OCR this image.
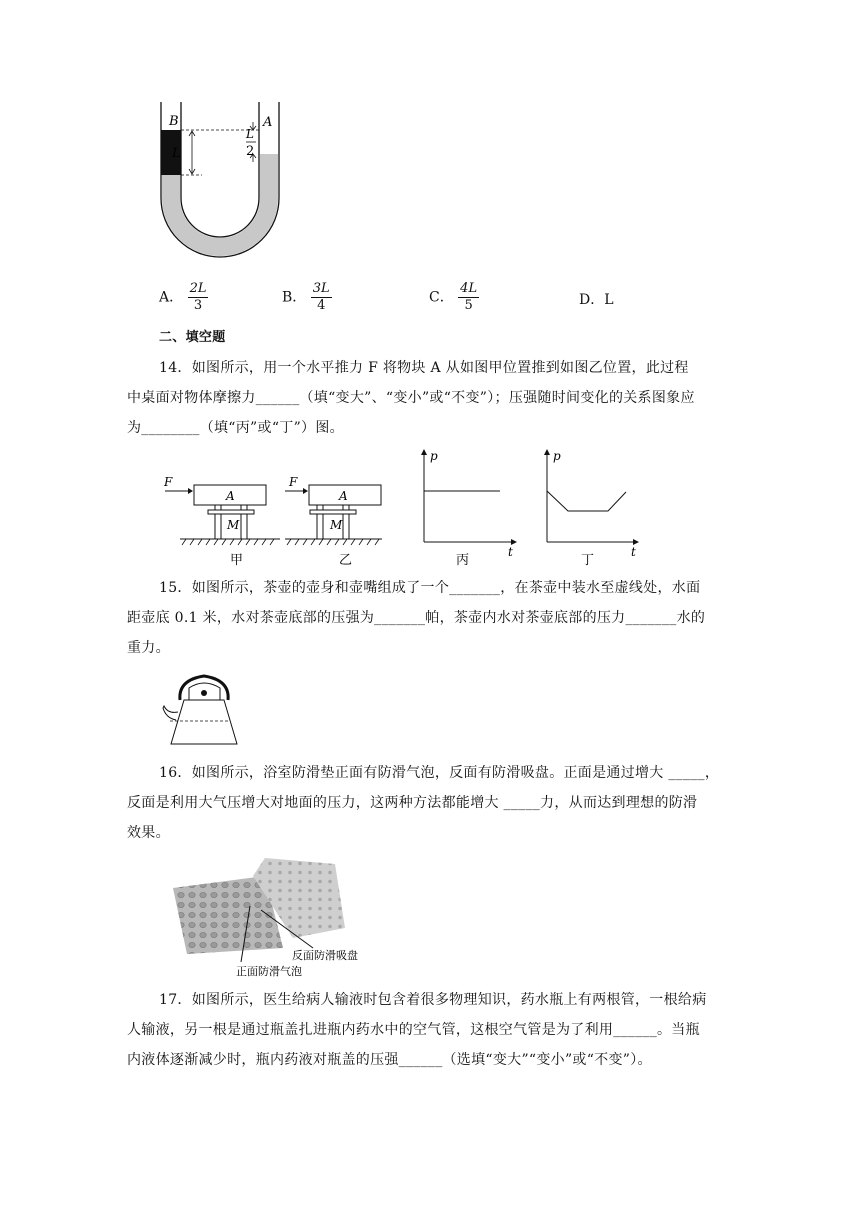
B	A
L
L
2
A． $\frac{2L}{3}$	B． $\frac{3L}{4}$	C． $\frac{4L}{5}$	D．L
二、填空题
14．如图所示，用一个水平推力 F 将物块 A 从如图甲位置推到如图乙位置，此过程
中桌面对物体摩擦力______（填“变大”、“变小”或“不变”）；压强随时间变化的关系图象应
为________（填“丙”或“丁”）图。
F
A
M
甲
F
A
M
乙
p
t
丙
p
t
丁
15．如图所示，茶壶的壶身和壶嘴组成了一个_______，在茶壶中装水至虚线处，水面
距壶底 0.1 米，水对茶壶底部的压强为_______帕，茶壶内水对茶壶底部的压力_______水的
重力。
16．如图所示，浴室防滑垫正面有防滑气泡，反面有防滑吸盘。正面是通过增大 _____，
反面是利用大气压增大对地面的压力，这两种方法都能增大 _____力，从而达到理想的防滑
效果。
反面防滑吸盘
正面防滑气泡
17．如图所示，医生给病人输液时包含着很多物理知识，药水瓶上有两根管，一根给病
人输液，另一根是通过瓶盖扎进瓶内药水中的空气管，这根空气管是为了利用______。当瓶
内液体逐渐减少时，瓶内药液对瓶盖的压强______（选填“变大”“变小”或“不变”）。
